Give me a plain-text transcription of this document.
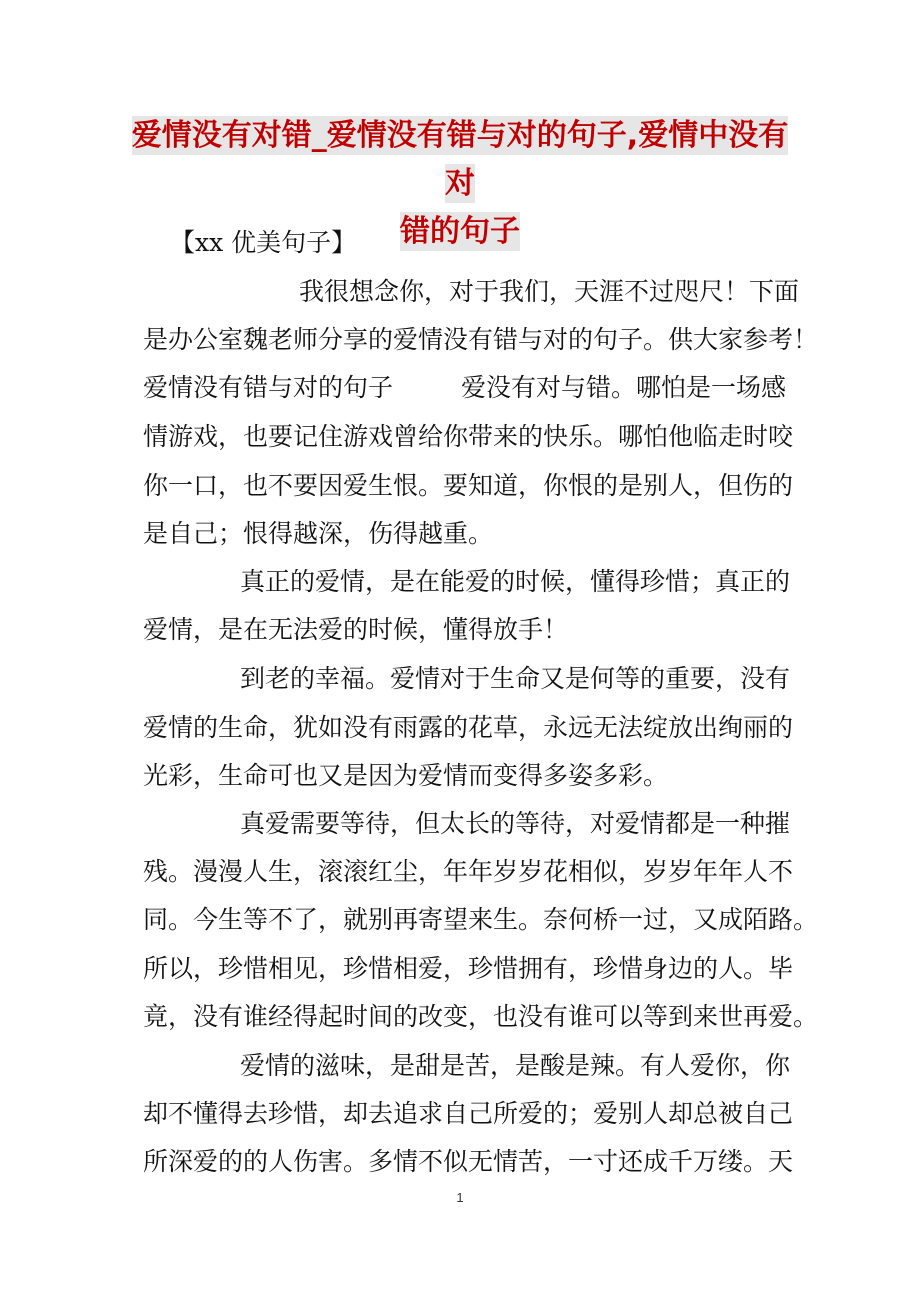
爱情没有对错_爱情没有错与对的句子,爱情中没有对
错的句子
【xx 优美句子】
我很想念你，对于我们，天涯不过咫尺！下面
是办公室魏老师分享的爱情没有错与对的句子。供大家参考！
爱情没有错与对的句子	爱没有对与错。哪怕是一场感
情游戏，也要记住游戏曾给你带来的快乐。哪怕他临走时咬
你一口，也不要因爱生恨。要知道，你恨的是别人，但伤的
是自己；恨得越深，伤得越重。
真正的爱情，是在能爱的时候，懂得珍惜；真正的
爱情，是在无法爱的时候，懂得放手！
到老的幸福。爱情对于生命又是何等的重要，没有
爱情的生命，犹如没有雨露的花草，永远无法绽放出绚丽的
光彩，生命可也又是因为爱情而变得多姿多彩。
真爱需要等待，但太长的等待，对爱情都是一种摧
残。漫漫人生，滚滚红尘，年年岁岁花相似，岁岁年年人不
同。今生等不了，就别再寄望来生。奈何桥一过，又成陌路。
所以，珍惜相见，珍惜相爱，珍惜拥有，珍惜身边的人。毕
竟，没有谁经得起时间的改变，也没有谁可以等到来世再爱。
爱情的滋味，是甜是苦，是酸是辣。有人爱你，你
却不懂得去珍惜，却去追求自己所爱的；爱别人却总被自己
所深爱的的人伤害。多情不似无情苦，一寸还成千万缕。天
1
